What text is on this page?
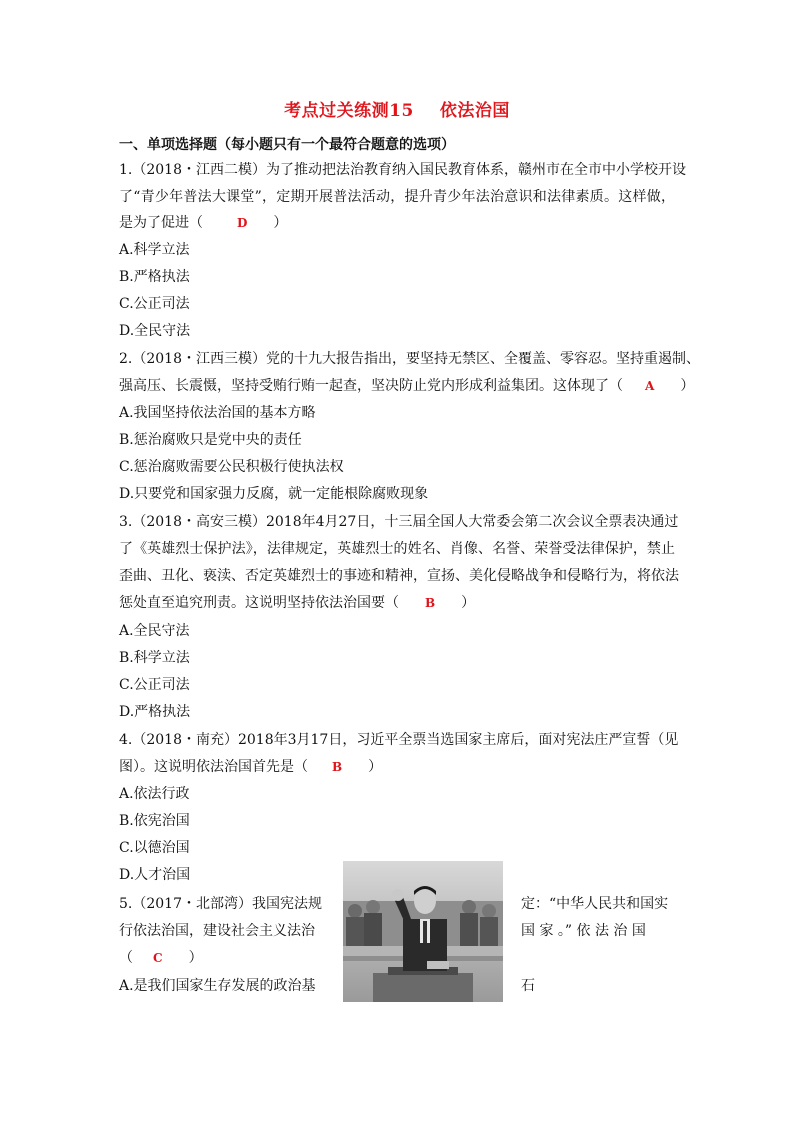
考点过关练测15 依法治国
一、单项选择题（每小题只有一个最符合题意的选项）
1.（2018・江西二模）为了推动把法治教育纳入国民教育体系，赣州市在全市中小学校开设
了“青少年普法大课堂”，定期开展普法活动，提升青少年法治意识和法律素质。这样做，
是为了促进（	D ）
A.科学立法
B.严格执法
C.公正司法
D.全民守法
2.（2018・江西三模）党的十九大报告指出，要坚持无禁区、全覆盖、零容忍。坚持重遏制、
强高压、长震慑，坚持受贿行贿一起查，坚决防止党内形成利益集团。这体现了（ A ）
A.我国坚持依法治国的基本方略
B.惩治腐败只是党中央的责任
C.惩治腐败需要公民积极行使执法权
D.只要党和国家强力反腐，就一定能根除腐败现象
3.（2018・高安三模）2018年4月27日，十三届全国人大常委会第二次会议全票表决通过
了《英雄烈士保护法》，法律规定，英雄烈士的姓名、肖像、名誉、荣誉受法律保护，禁止
歪曲、丑化、亵渎、否定英雄烈士的事迹和精神，宣扬、美化侵略战争和侵略行为，将依法
惩处直至追究刑责。这说明坚持依法治国要（ B ）
A.全民守法
B.科学立法
C.公正司法
D.严格执法
4.（2018・南充）2018年3月17日，习近平全票当选国家主席后，面对宪法庄严宣誓（见
图）。这说明依法治国首先是（ B ）
A.依法行政
B.依宪治国
C.以德治国
D.人才治国
5.（2017・北部湾）我国宪法规	定：“中华人民共和国实
行依法治国，建设社会主义法治	国 家 。” 依 法 治 国
（ C ）
A.是我们国家生存发展的政治基	石
